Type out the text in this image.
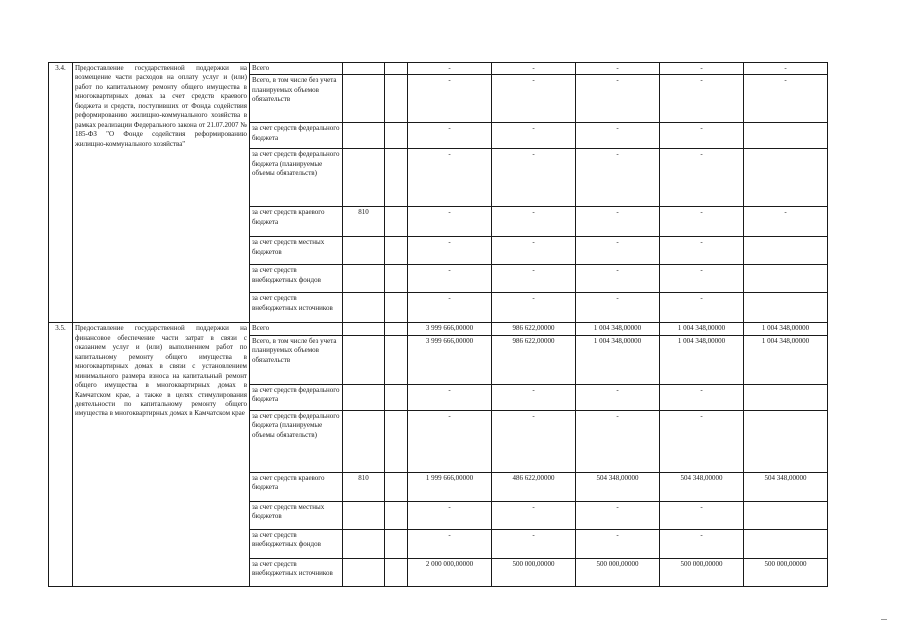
3.4.	Предоставление государственной поддержки на возмещение части расходов на оплату услуг и (или) работ по капитальному ремонту общего имущества в многоквартирных домах за счет средств краевого бюджета и средств, поступивших от Фонда содействия реформированию жилищно-коммунального хозяйства в рамках реализации Федерального закона от 21.07.2007 № 185-ФЗ "О Фонде содействия реформированию жилищно-коммунального хозяйства"	Всего			-	-	-	-	-
		Всего, в том числе без учета планируемых объемов обязательств			-	-	-	-	-
		за счет средств федерального бюджета			-	-	-	-	
		за счет средств федерального бюджета (планируемые объемы обязательств)			-	-	-	-	
		за счет средств краевого бюджета	810		-	-	-	-	-
		за счет средств местных бюджетов			-	-	-	-	
		за счет средств внебюджетных фондов			-	-	-	-	
		за счет средств внебюджетных источников			-	-	-	-	
3.5.	Предоставление государственной поддержки на финансовое обеспечение части затрат в связи с оказанием услуг и (или) выполнением работ по капитальному ремонту общего имущества в многоквартирных домах в связи с установлением минимального размера взноса на капитальный ремонт общего имущества в многоквартирных домах в Камчатском крае, а также в целях стимулирования деятельности по капитальному ремонту общего имущества в многоквартирных домах в Камчатском крае	Всего			3 999 666,00000	986 622,00000	1 004 348,00000	1 004 348,00000	1 004 348,00000
		Всего, в том числе без учета планируемых объемов обязательств			3 999 666,00000	986 622,00000	1 004 348,00000	1 004 348,00000	1 004 348,00000
		за счет средств федерального бюджета			-	-	-	-	
		за счет средств федерального бюджета (планируемые объемы обязательств)			-	-	-	-	
		за счет средств краевого бюджета	810		1 999 666,00000	486 622,00000	504 348,00000	504 348,00000	504 348,00000
		за счет средств местных бюджетов			-	-	-	-	
		за счет средств внебюджетных фондов			-	-	-	-	
		за счет средств внебюджетных источников			2 000 000,00000	500 000,00000	500 000,00000	500 000,00000	500 000,00000
